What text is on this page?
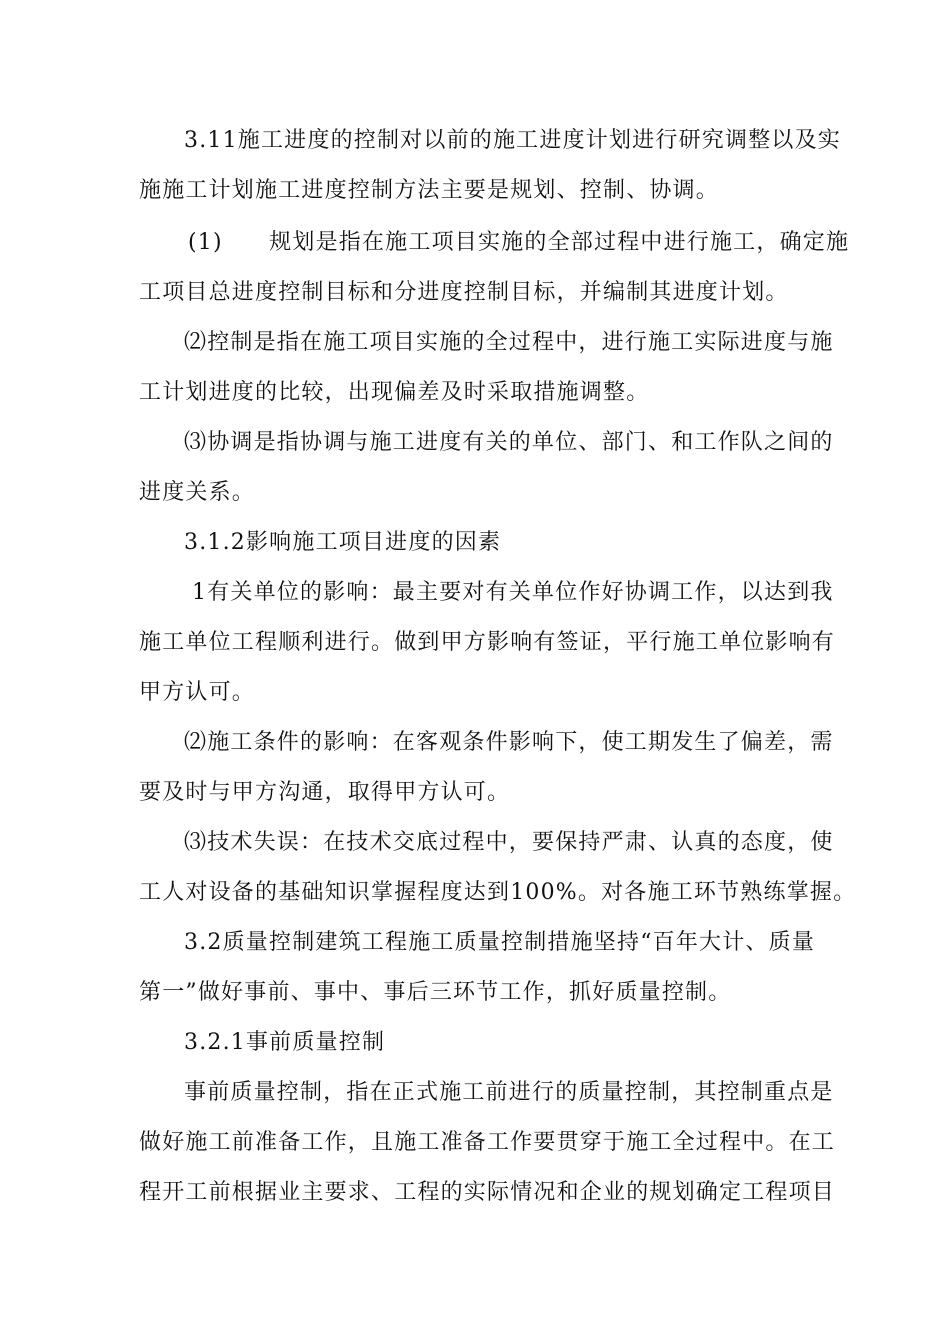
3.11施工进度的控制对以前的施工进度计划进行研究调整以及实
施施工计划施工进度控制方法主要是规划、控制、协调。
(1)　　规划是指在施工项目实施的全部过程中进行施工，确定施
工项目总进度控制目标和分进度控制目标，并编制其进度计划。
⑵控制是指在施工项目实施的全过程中，进行施工实际进度与施
工计划进度的比较，出现偏差及时采取措施调整。
⑶协调是指协调与施工进度有关的单位、部门、和工作队之间的
进度关系。
3.1.2影响施工项目进度的因素
1有关单位的影响：最主要对有关单位作好协调工作，以达到我
施工单位工程顺利进行。做到甲方影响有签证，平行施工单位影响有
甲方认可。
⑵施工条件的影响：在客观条件影响下，使工期发生了偏差，需
要及时与甲方沟通，取得甲方认可。
⑶技术失误：在技术交底过程中，要保持严肃、认真的态度，使
工人对设备的基础知识掌握程度达到100%。对各施工环节熟练掌握。
3.2质量控制建筑工程施工质量控制措施坚持“百年大计、质量
第一”做好事前、事中、事后三环节工作，抓好质量控制。
3.2.1事前质量控制
事前质量控制，指在正式施工前进行的质量控制，其控制重点是
做好施工前准备工作，且施工准备工作要贯穿于施工全过程中。在工
程开工前根据业主要求、工程的实际情况和企业的规划确定工程项目
